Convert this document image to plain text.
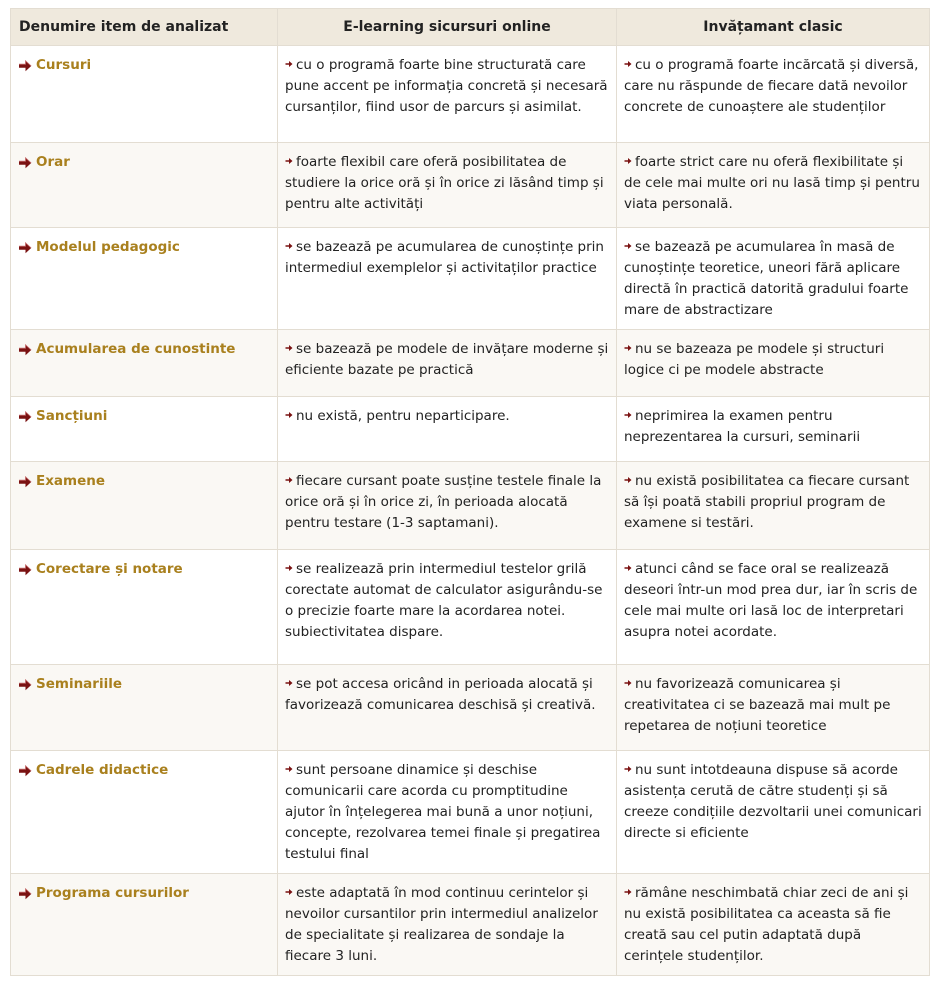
Denumire item de analizat	E-learning sicursuri online	Invățamant clasic

Cursuri	cu o programă foarte bine structurată care pune accent pe informația concretă și necesară cursanților, fiind usor de parcurs și asimilat.	cu o programă foarte incărcată și diversă, care nu răspunde de fiecare dată nevoilor concrete de cunoaștere ale studenților

Orar	foarte flexibil care oferă posibilitatea de studiere la orice oră și în orice zi lăsând timp și pentru alte activități	foarte strict care nu oferă flexibilitate și de cele mai multe ori nu lasă timp și pentru viata personală.

Modelul pedagogic	se bazează pe acumularea de cunoștințe prin intermediul exemplelor și activitaților practice	se bazează pe acumularea în masă de cunoștințe teoretice, uneori fără aplicare directă în practică datorită gradului foarte mare de abstractizare

Acumularea de cunostinte	se bazează pe modele de invățare moderne și eficiente bazate pe practică	nu se bazeaza pe modele și structuri logice ci pe modele abstracte

Sancțiuni	nu există, pentru neparticipare.	neprimirea la examen pentru neprezentarea la cursuri, seminarii

Examene	fiecare cursant poate susține testele finale la orice oră și în orice zi, în perioada alocată pentru testare (1-3 saptamani).	nu există posibilitatea ca fiecare cursant să își poată stabili propriul program de examene si testări.

Corectare și notare	se realizează prin intermediul testelor grilă corectate automat de calculator asigurându-se o precizie foarte mare la acordarea notei. subiectivitatea dispare.	atunci când se face oral se realizează deseori într-un mod prea dur, iar în scris de cele mai multe ori lasă loc de interpretari asupra notei acordate.

Seminariile	se pot accesa oricând in perioada alocată și favorizează comunicarea deschisă și creativă.	nu favorizează comunicarea și creativitatea ci se bazează mai mult pe repetarea de noțiuni teoretice

Cadrele didactice	sunt persoane dinamice și deschise comunicarii care acorda cu promptitudine ajutor în înțelegerea mai bună a unor noțiuni, concepte, rezolvarea temei finale și pregatirea testului final	nu sunt intotdeauna dispuse să acorde asistența cerută de către studenți și să creeze condițiile dezvoltarii unei comunicari directe si eficiente

Programa cursurilor	este adaptată în mod continuu cerintelor și nevoilor cursantilor prin intermediul analizelor de specialitate și realizarea de sondaje la fiecare 3 luni.	rămâne neschimbată chiar zeci de ani și nu există posibilitatea ca aceasta să fie creată sau cel putin adaptată după cerințele studenților.
